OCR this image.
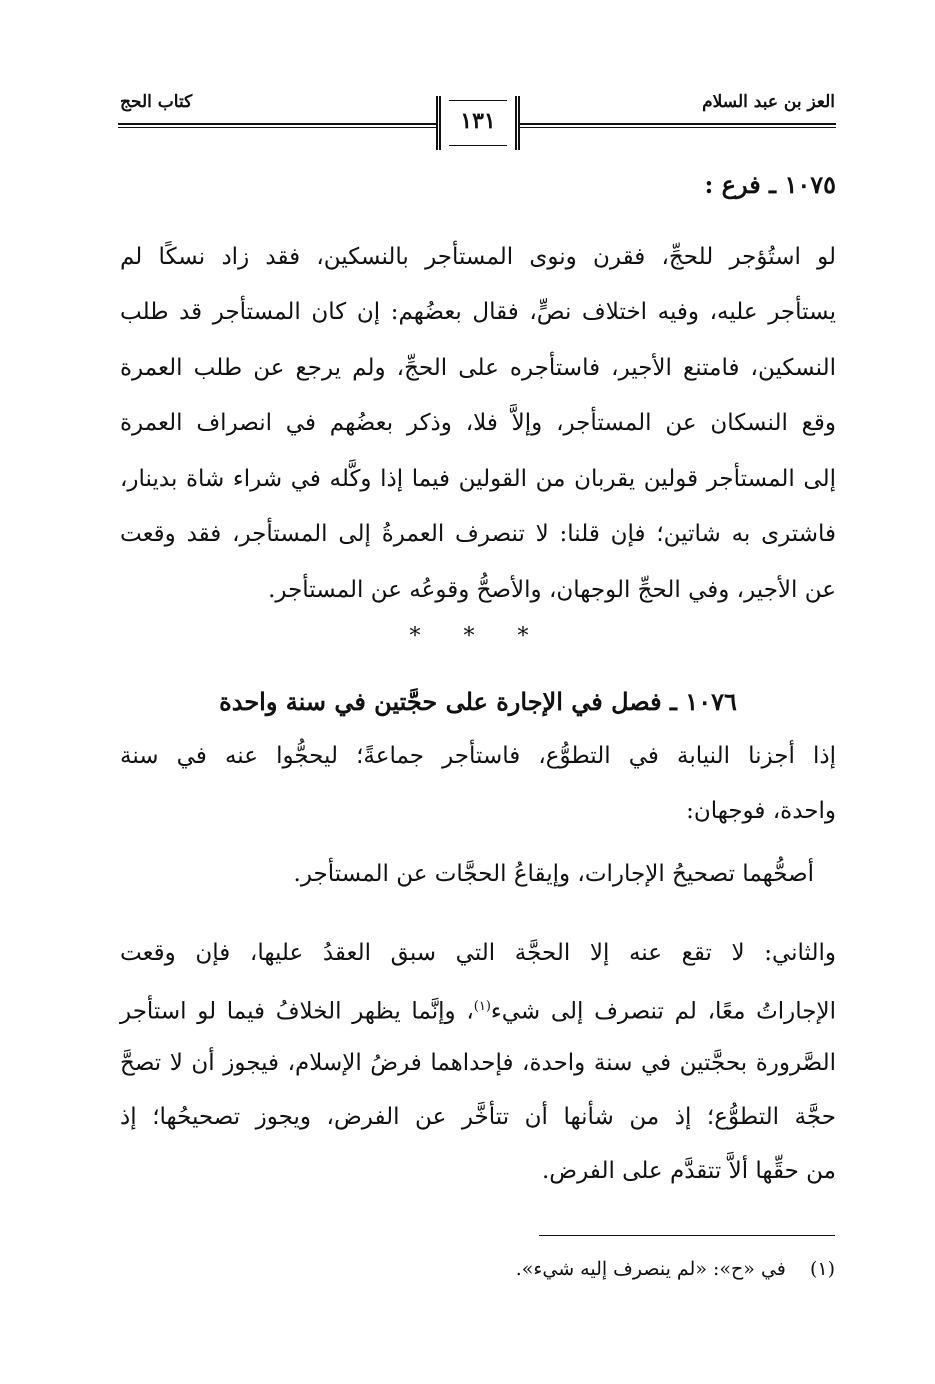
كتاب الحج	العز بن عبد السلام
١٣١
١٠٧٥ ـ فرع :
لو استُؤجر للحجِّ، فقرن ونوى المستأجر بالنسكين، فقد زاد نسكًا لم
يستأجر عليه، وفيه اختلاف نصٍّ، فقال بعضُهم: إن كان المستأجر قد طلب
النسكين، فامتنع الأجير، فاستأجره على الحجِّ، ولم يرجع عن طلب العمرة
وقع النسكان عن المستأجر، وإلاَّ فلا، وذكر بعضُهم في انصراف العمرة
إلى المستأجر قولين يقربان من القولين فيما إذا وكَّله في شراء شاة بدينار،
فاشترى به شاتين؛ فإن قلنا: لا تنصرف العمرةُ إلى المستأجر، فقد وقعت
عن الأجير، وفي الحجِّ الوجهان، والأصحُّ وقوعُه عن المستأجر.
* * *
١٠٧٦ ـ فصل في الإجارة على حجَّتين في سنة واحدة
إذا أجزنا النيابة في التطوُّع، فاستأجر جماعةً؛ ليحجُّوا عنه في سنة
واحدة، فوجهان:
أصحُّهما تصحيحُ الإجارات، وإيقاعُ الحجَّات عن المستأجر.
والثاني: لا تقع عنه إلا الحجَّة التي سبق العقدُ عليها، فإن وقعت
الإجاراتُ معًا، لم تنصرف إلى شيء$^{(١)}$، وإنَّما يظهر الخلافُ فيما لو استأجر
الصَّرورة بحجَّتين في سنة واحدة، فإحداهما فرضُ الإسلام، فيجوز أن لا تصحَّ
حجَّة التطوُّع؛ إذ من شأنها أن تتأخَّر عن الفرض، ويجوز تصحيحُها؛ إذ
من حقِّها ألاَّ تتقدَّم على الفرض.
(١) في «ح»: «لم ينصرف إليه شيء».
